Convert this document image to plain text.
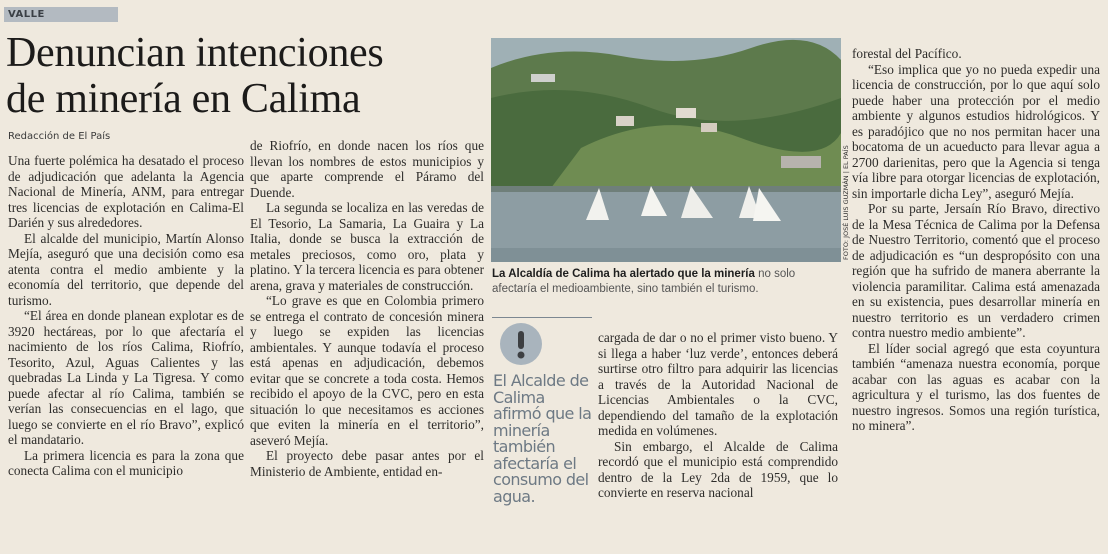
VALLE
Denuncian intenciones
de minería en Calima
Redacción de El País

Una fuerte polémica ha desatado el proceso de adjudicación que adelanta la Agencia Nacional de Minería, ANM, para entregar tres licencias de explotación en Calima-El Darién y sus alrededores.

El alcalde del municipio, Martín Alonso Mejía, aseguró que una decisión como esa atenta contra el medio ambiente y la economía del territorio, que depende del turismo.

“El área en donde planean explotar es de 3920 hectáreas, por lo que afectaría el nacimiento de los ríos Calima, Riofrío, Tesorito, Azul, Aguas Calientes y las quebradas La Linda y La Tigresa. Y como puede afectar al río Calima, también se verían las consecuencias en el lago, que luego se convierte en el río Bravo”, explicó el mandatario.

La primera licencia es para la zona que conecta Calima con el municipio

de Riofrío, en donde nacen los ríos que llevan los nombres de estos municipios y que aparte comprende el Páramo del Duende.

La segunda se localiza en las veredas de El Tesorio, La Samaria, La Guaira y La Italia, donde se busca la extracción de metales preciosos, como oro, plata y platino. Y la tercera licencia es para obtener arena, grava y materiales de construcción.

“Lo grave es que en Colombia primero se entrega el contrato de concesión minera y luego se expiden las licencias ambientales. Y aunque todavía el proceso está apenas en adjudicación, debemos evitar que se concrete a toda costa. Hemos recibido el apoyo de la CVC, pero en esta situación lo que necesitamos es acciones que eviten la minería en el territorio”, aseveró Mejía.

El proyecto debe pasar antes por el Ministerio de Ambiente, entidad en-

FOTO: JOSÉ LUIS GUZMÁN | EL PAÍS
La Alcaldía de Calima ha alertado que la minería no solo afectaría el medioambiente, sino también el turismo.
El Alcalde de Calima afirmó que la minería también afectaría el consumo del agua.

cargada de dar o no el primer visto bueno. Y si llega a haber ‘luz verde’, entonces deberá surtirse otro filtro para adquirir las licencias a través de la Autoridad Nacional de Licencias Ambientales o la CVC, dependiendo del tamaño de la explotación medida en volúmenes.

Sin embargo, el Alcalde de Calima recordó que el municipio está comprendido dentro de la Ley 2da de 1959, que lo convierte en reserva nacional

forestal del Pacífico.

“Eso implica que yo no pueda expedir una licencia de construcción, por lo que aquí solo puede haber una protección por el medio ambiente y algunos estudios hidrológicos. Y es paradójico que no nos permitan hacer una bocatoma de un acueducto para llevar agua a 2700 darienitas, pero que la Agencia si tenga vía libre para otorgar licencias de explotación, sin importarle dicha Ley”, aseguró Mejía.

Por su parte, Jersaín Río Bravo, directivo de la Mesa Técnica de Calima por la Defensa de Nuestro Territorio, comentó que el proceso de adjudicación es “un despropósito con una región que ha sufrido de manera aberrante la violencia paramilitar. Calima está amenazada en su existencia, pues desarrollar minería en nuestro territorio es un verdadero crimen contra nuestro medio ambiente”.

El líder social agregó que esta coyuntura también “amenaza nuestra economía, porque acabar con las aguas es acabar con la agricultura y el turismo, las dos fuentes de nuestro ingresos. Somos una región turística, no minera”.
